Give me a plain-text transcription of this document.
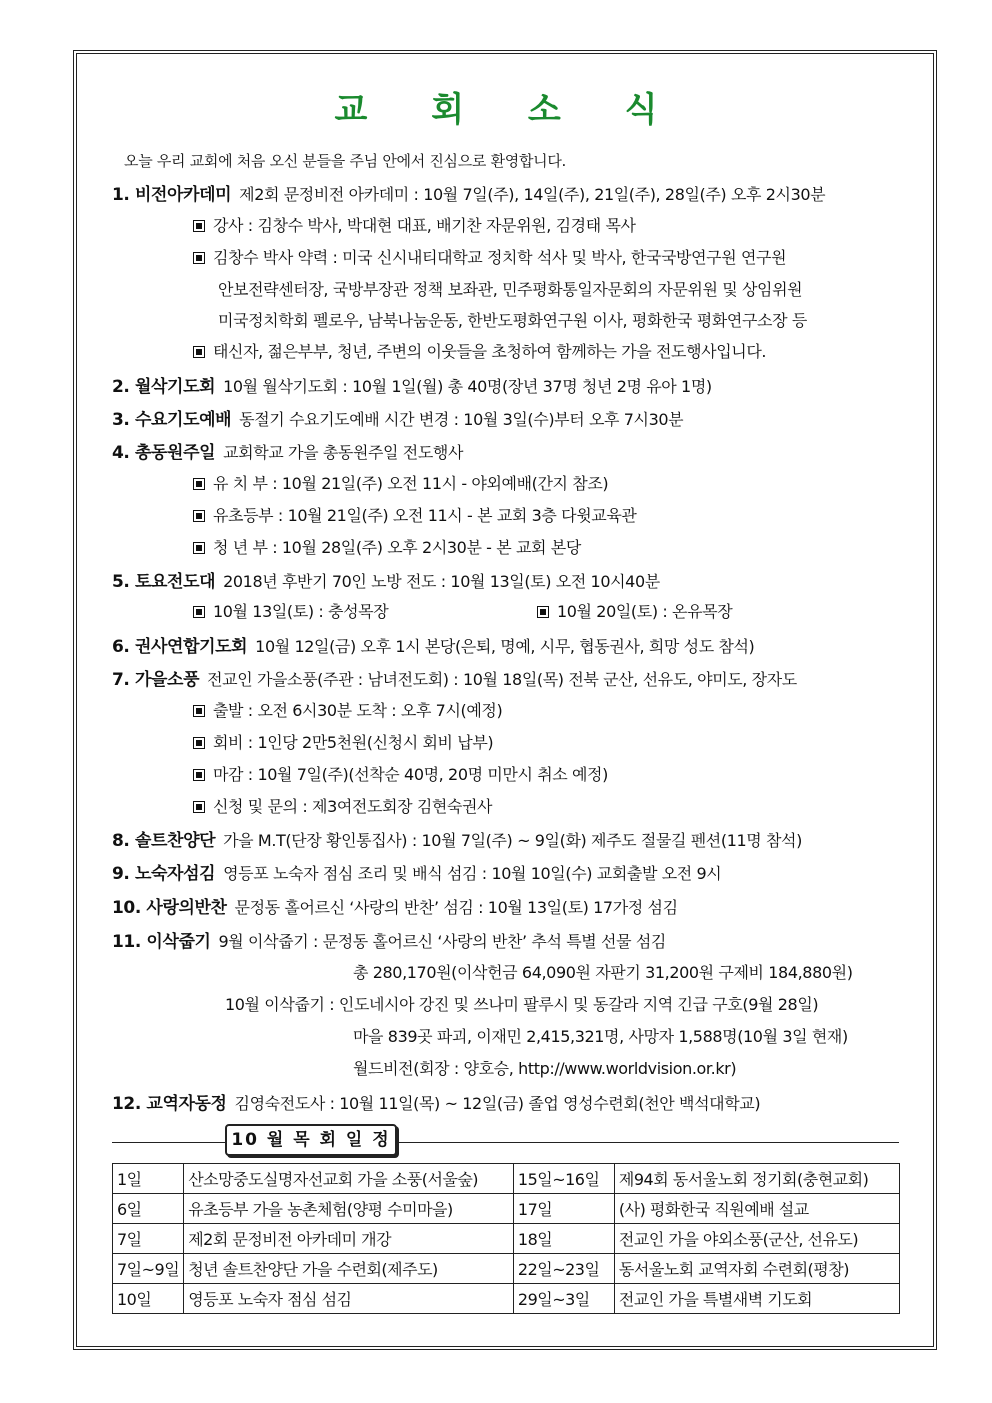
교 회 소 식
오늘 우리 교회에 처음 오신 분들을 주님 안에서 진심으로 환영합니다.
1. 비전아카데미 제2회 문정비전 아카데미 : 10월 7일(주), 14일(주), 21일(주), 28일(주) 오후 2시30분
강사 : 김창수 박사, 박대현 대표, 배기찬 자문위원, 김경태 목사
김창수 박사 약력 : 미국 신시내티대학교 정치학 석사 및 박사, 한국국방연구원 연구원
안보전략센터장, 국방부장관 정책 보좌관, 민주평화통일자문회의 자문위원 및 상임위원
미국정치학회 펠로우, 남북나눔운동, 한반도평화연구원 이사, 평화한국 평화연구소장 등
태신자, 젊은부부, 청년, 주변의 이웃들을 초청하여 함께하는 가을 전도행사입니다.
2. 월삭기도회 10월 월삭기도회 : 10월 1일(월) 총 40명(장년 37명 청년 2명 유아 1명)
3. 수요기도예배 동절기 수요기도예배 시간 변경 : 10월 3일(수)부터 오후 7시30분
4. 총동원주일 교회학교 가을 총동원주일 전도행사
유 치 부 : 10월 21일(주) 오전 11시 - 야외예배(간지 참조)
유초등부 : 10월 21일(주) 오전 11시 - 본 교회 3층 다윗교육관
청 년 부 : 10월 28일(주) 오후 2시30분 - 본 교회 본당
5. 토요전도대 2018년 후반기 70인 노방 전도 : 10월 13일(토) 오전 10시40분
10월 13일(토) : 충성목장	10월 20일(토) : 온유목장
6. 권사연합기도회 10월 12일(금) 오후 1시 본당(은퇴, 명예, 시무, 협동권사, 희망 성도 참석)
7. 가을소풍 전교인 가을소풍(주관 : 남녀전도회) : 10월 18일(목) 전북 군산, 선유도, 야미도, 장자도
출발 : 오전 6시30분 도착 : 오후 7시(예정)
회비 : 1인당 2만5천원(신청시 회비 납부)
마감 : 10월 7일(주)(선착순 40명, 20명 미만시 취소 예정)
신청 및 문의 : 제3여전도회장 김현숙권사
8. 솔트찬양단 가을 M.T(단장 황인통집사) : 10월 7일(주) ~ 9일(화) 제주도 절물길 펜션(11명 참석)
9. 노숙자섬김 영등포 노숙자 점심 조리 및 배식 섬김 : 10월 10일(수) 교회출발 오전 9시
10. 사랑의반찬 문정동 홀어르신 ‘사랑의 반찬’ 섬김 : 10월 13일(토) 17가정 섬김
11. 이삭줍기 9월 이삭줍기 : 문정동 홀어르신 ‘사랑의 반찬’ 추석 특별 선물 섬김
총 280,170원(이삭헌금 64,090원 자판기 31,200원 구제비 184,880원)
10월 이삭줍기 : 인도네시아 강진 및 쓰나미 팔루시 및 동갈라 지역 긴급 구호(9월 28일)
마을 839곳 파괴, 이재민 2,415,321명, 사망자 1,588명(10월 3일 현재)
월드비전(회장 : 양호승, http://www.worldvision.or.kr)
12. 교역자동정 김영숙전도사 : 10월 11일(목) ~ 12일(금) 졸업 영성수련회(천안 백석대학교)
10 월 목 회 일 정
1일	산소망중도실명자선교회 가을 소풍(서울숲)	15일~16일	제94회 동서울노회 정기회(충현교회)
6일	유초등부 가을 농촌체험(양평 수미마을)	17일	(사) 평화한국 직원예배 설교
7일	제2회 문정비전 아카데미 개강	18일	전교인 가을 야외소풍(군산, 선유도)
7일~9일	청년 솔트찬양단 가을 수련회(제주도)	22일~23일	동서울노회 교역자회 수련회(평창)
10일	영등포 노숙자 점심 섬김	29일~3일	전교인 가을 특별새벽 기도회
